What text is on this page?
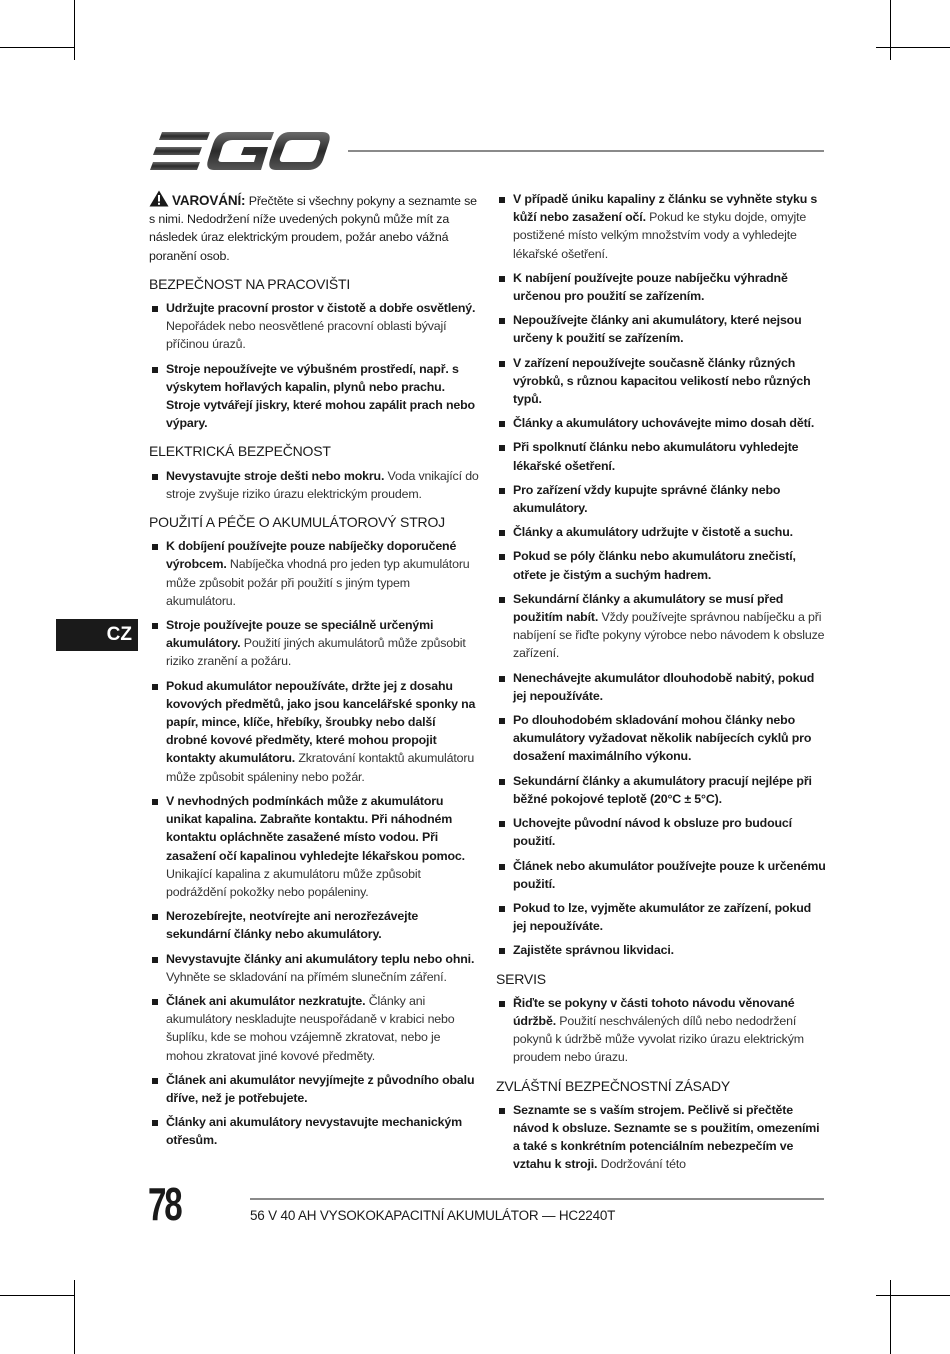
VAROVÁNÍ: Přečtěte si všechny pokyny a seznamte se s nimi. Nedodržení níže uvedených pokynů může mít za následek úraz elektrickým proudem, požár anebo vážná poranění osob.

BEZPEČNOST NA PRACOVIŠTI
Udržujte pracovní prostor v čistotě a dobře osvětlený. Nepořádek nebo neosvětlené pracovní oblasti bývají příčinou úrazů.
Stroje nepoužívejte ve výbušném prostředí, např. s výskytem hořlavých kapalin, plynů nebo prachu. Stroje vytvářejí jiskry, které mohou zapálit prach nebo výpary.
ELEKTRICKÁ BEZPEČNOST
Nevystavujte stroje dešti nebo mokru. Voda vnikající do stroje zvyšuje riziko úrazu elektrickým proudem.
POUŽITÍ A PÉČE O AKUMULÁTOROVÝ STROJ
K dobíjení používejte pouze nabíječky doporučené výrobcem. Nabíječka vhodná pro jeden typ akumulátoru může způsobit požár při použití s jiným typem akumulátoru.
Stroje používejte pouze se speciálně určenými akumulátory. Použití jiných akumulátorů může způsobit riziko zranění a požáru.
Pokud akumulátor nepoužíváte, držte jej z dosahu kovových předmětů, jako jsou kancelářské sponky na papír, mince, klíče, hřebíky, šroubky nebo další drobné kovové předměty, které mohou propojit kontakty akumulátoru. Zkratování kontaktů akumulátoru může způsobit spáleniny nebo požár.
V nevhodných podmínkách může z akumulátoru unikat kapalina. Zabraňte kontaktu. Při náhodném kontaktu opláchněte zasažené místo vodou. Při zasažení očí kapalinou vyhledejte lékařskou pomoc. Unikající kapalina z akumulátoru může způsobit podráždění pokožky nebo popáleniny.
Nerozebírejte, neotvírejte ani nerozřezávejte sekundární články nebo akumulátory.
Nevystavujte články ani akumulátory teplu nebo ohni. Vyhněte se skladování na přímém slunečním záření.
Článek ani akumulátor nezkratujte. Články ani akumulátory neskladujte neuspořádaně v krabici nebo šuplíku, kde se mohou vzájemně zkratovat, nebo je mohou zkratovat jiné kovové předměty.
Článek ani akumulátor nevyjímejte z původního obalu dříve, než je potřebujete.
Články ani akumulátory nevystavujte mechanickým otřesům.
V případě úniku kapaliny z článku se vyhněte styku s kůží nebo zasažení očí. Pokud ke styku dojde, omyjte postižené místo velkým množstvím vody a vyhledejte lékařské ošetření.
K nabíjení používejte pouze nabíječku výhradně určenou pro použití se zařízením.
Nepoužívejte články ani akumulátory, které nejsou určeny k použití se zařízením.
V zařízení nepoužívejte současně články různých výrobků, s různou kapacitou velikostí nebo různých typů.
Články a akumulátory uchovávejte mimo dosah dětí.
Při spolknutí článku nebo akumulátoru vyhledejte lékařské ošetření.
Pro zařízení vždy kupujte správné články nebo akumulátory.
Články a akumulátory udržujte v čistotě a suchu.
Pokud se póly článku nebo akumulátoru znečistí, otřete je čistým a suchým hadrem.
Sekundární články a akumulátory se musí před použitím nabít. Vždy používejte správnou nabíječku a při nabíjení se řiďte pokyny výrobce nebo návodem k obsluze zařízení.
Nenechávejte akumulátor dlouhodobě nabitý, pokud jej nepoužíváte.
Po dlouhodobém skladování mohou články nebo akumulátory vyžadovat několik nabíjecích cyklů pro dosažení maximálního výkonu.
Sekundární články a akumulátory pracují nejlépe při běžné pokojové teplotě (20°C ± 5°C).
Uchovejte původní návod k obsluze pro budoucí použití.
Článek nebo akumulátor používejte pouze k určenému použití.
Pokud to lze, vyjměte akumulátor ze zařízení, pokud jej nepoužíváte.
Zajistěte správnou likvidaci.
SERVIS
Řiďte se pokyny v části tohoto návodu věnované údržbě. Použití neschválených dílů nebo nedodržení pokynů k údržbě může vyvolat riziko úrazu elektrickým proudem nebo úrazu.
ZVLÁŠTNÍ BEZPEČNOSTNÍ ZÁSADY
Seznamte se s vaším strojem. Pečlivě si přečtěte návod k obsluze. Seznamte se s použitím, omezeními a také s konkrétním potenciálním nebezpečím ve vztahu k stroji. Dodržování této
CZ
78	56 V 40 AH VYSOKOKAPACITNÍ AKUMULÁTOR — HC2240T
